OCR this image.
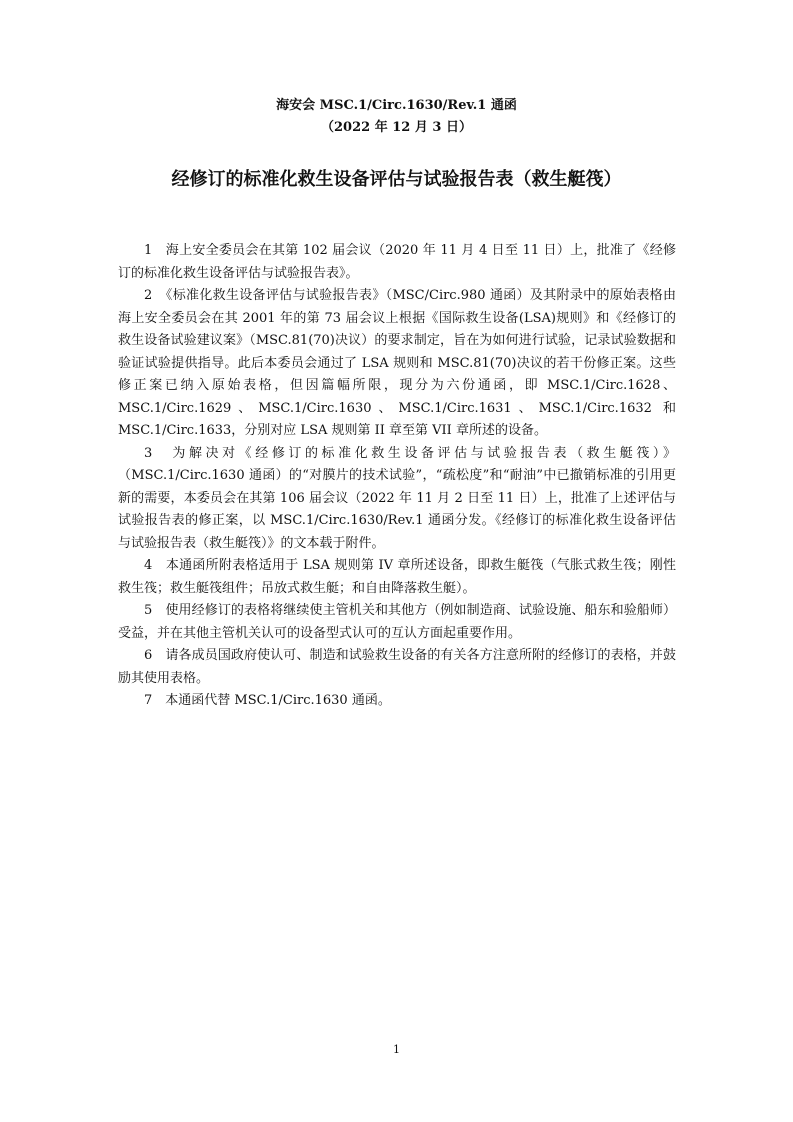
海安会 MSC.1/Circ.1630/Rev.1 通函
（2022 年 12 月 3 日）
经修订的标准化救生设备评估与试验报告表（救生艇筏）

1　海上安全委员会在其第 102 届会议（2020 年 11 月 4 日至 11 日）上，批准了《经修订的标准化救生设备评估与试验报告表》。

2　《标准化救生设备评估与试验报告表》（MSC/Circ.980 通函）及其附录中的原始表格由海上安全委员会在其 2001 年的第 73 届会议上根据《国际救生设备(LSA)规则》和《经修订的救生设备试验建议案》（MSC.81(70)决议）的要求制定，旨在为如何进行试验，记录试验数据和验证试验提供指导。此后本委员会通过了 LSA 规则和 MSC.81(70)决议的若干份修正案。这些修正案已纳入原始表格，但因篇幅所限，现分为六份通函，即 MSC.1/Circ.1628、MSC.1/Circ.1629、MSC.1/Circ.1630、MSC.1/Circ.1631、MSC.1/Circ.1632 和 MSC.1/Circ.1633，分别对应 LSA 规则第 II 章至第 VII 章所述的设备。

3　为解决对《经修订的标准化救生设备评估与试验报告表（救生艇筏）》（MSC.1/Circ.1630 通函）的“对膜片的技术试验”，“疏松度”和“耐油”中已撤销标准的引用更新的需要，本委员会在其第 106 届会议（2022 年 11 月 2 日至 11 日）上，批准了上述评估与试验报告表的修正案，以 MSC.1/Circ.1630/Rev.1 通函分发。《经修订的标准化救生设备评估与试验报告表（救生艇筏）》的文本载于附件。

4　本通函所附表格适用于 LSA 规则第 IV 章所述设备，即救生艇筏（气胀式救生筏；刚性救生筏；救生艇筏组件；吊放式救生艇；和自由降落救生艇）。

5　使用经修订的表格将继续使主管机关和其他方（例如制造商、试验设施、船东和验船师）受益，并在其他主管机关认可的设备型式认可的互认方面起重要作用。

6　请各成员国政府使认可、制造和试验救生设备的有关各方注意所附的经修订的表格，并鼓励其使用表格。

7　本通函代替 MSC.1/Circ.1630 通函。

1
